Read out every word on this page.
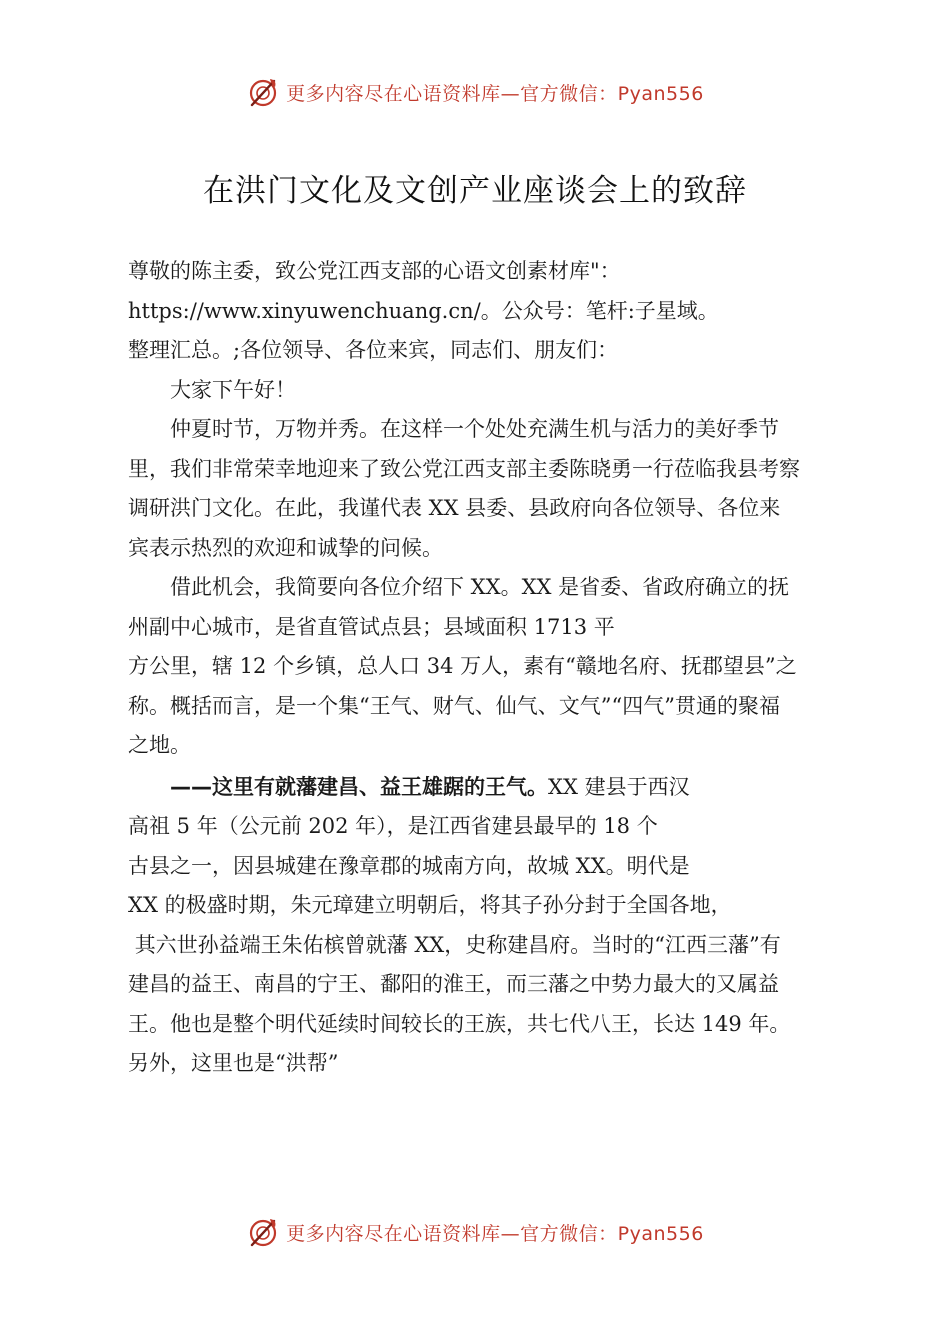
更多内容尽在心语资料库—官方微信：Pyan556
在洪门文化及文创产业座谈会上的致辞

尊敬的陈主委，致公党江西支部的心语文创素材库"：

https://www.xinyuwenchuang.cn/。公众号：笔杆:子星域。

整理汇总。;各位领导、各位来宾，同志们、朋友们：

大家下午好！

仲夏时节，万物并秀。在这样一个处处充满生机与活力的美好季节里，我们非常荣幸地迎来了致公党江西支部主委陈晓勇一行莅临我县考察调研洪门文化。在此，我谨代表 XX 县委、县政府向各位领导、各位来宾表示热烈的欢迎和诚挚的问候。

借此机会，我简要向各位介绍下 XX。XX 是省委、省政府确立的抚州副中心城市，是省直管试点县；县域面积 1713 平

方公里，辖 12 个乡镇，总人口 34 万人，素有“赣地名府、抚郡望县”之称。概括而言，是一个集“王气、财气、仙气、文气”“四气”贯通的聚福之地。

——这里有就藩建昌、益王雄踞的王气。XX 建县于西汉

高祖 5 年（公元前 202 年），是江西省建县最早的 18 个

古县之一，因县城建在豫章郡的城南方向，故城 XX。明代是

XX 的极盛时期，朱元璋建立明朝后，将其子孙分封于全国各地，

其六世孙益端王朱佑槟曾就藩 XX，史称建昌府。当时的“江西三藩”有建昌的益王、南昌的宁王、鄱阳的淮王，而三藩之中势力最大的又属益王。他也是整个明代延续时间较长的王族，共七代八王，长达 149 年。另外，这里也是“洪帮”

更多内容尽在心语资料库—官方微信：Pyan556
